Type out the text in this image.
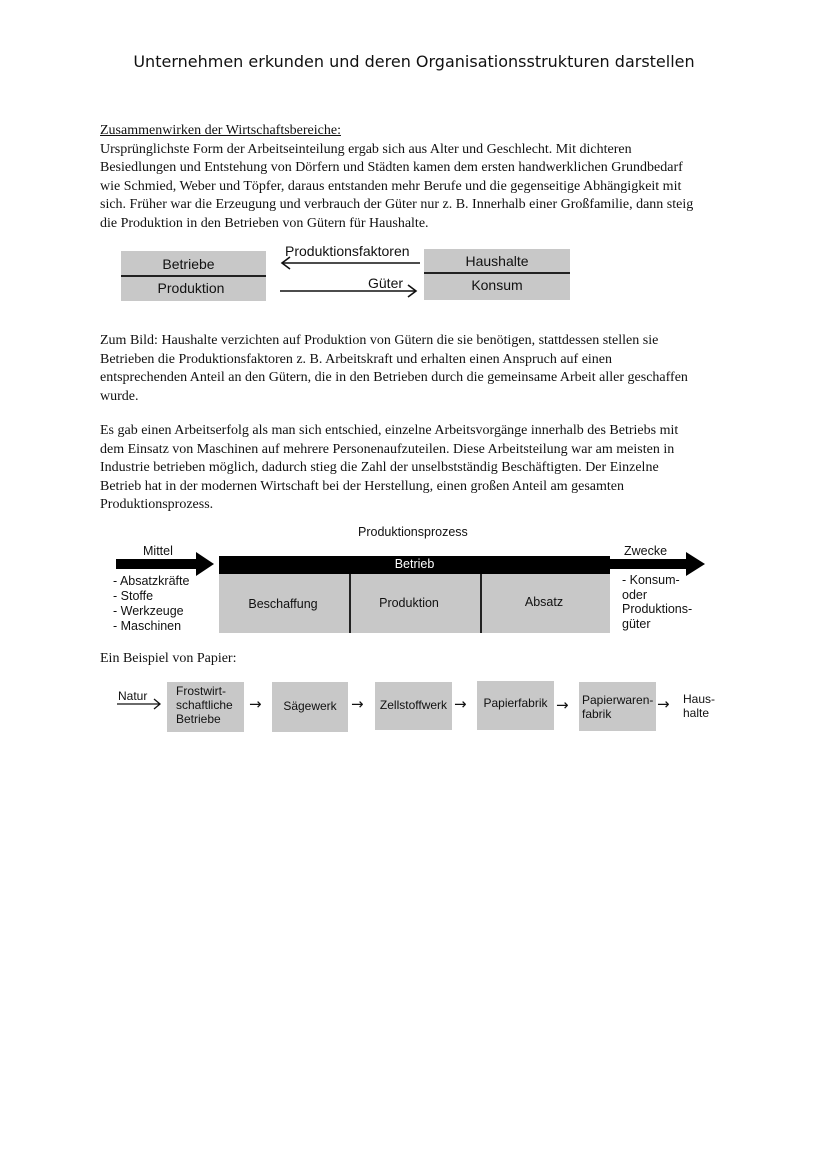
Unternehmen erkunden und deren Organisationsstrukturen darstellen
Zusammenwirken der Wirtschaftsbereiche:
Ursprünglichste Form der Arbeitseinteilung ergab sich aus Alter und Geschlecht. Mit dichteren
Besiedlungen und Entstehung von Dörfern und Städten kamen dem ersten handwerklichen Grundbedarf
wie Schmied, Weber und Töpfer, daraus entstanden mehr Berufe und die gegenseitige Abhängigkeit mit
sich. Früher war die Erzeugung und verbrauch der Güter nur z. B. Innerhalb einer Großfamilie, dann steig
die Produktion in den Betrieben von Gütern für Haushalte.
Betriebe
Produktion
Haushalte
Konsum
Produktionsfaktoren
Güter
Zum Bild: Haushalte verzichten auf Produktion von Gütern die sie benötigen, stattdessen stellen sie
Betrieben die Produktionsfaktoren z. B. Arbeitskraft und erhalten einen Anspruch auf einen
entsprechenden Anteil an den Gütern, die in den Betrieben durch die gemeinsame Arbeit aller geschaffen
wurde.
Es gab einen Arbeitserfolg als man sich entschied, einzelne Arbeitsvorgänge innerhalb des Betriebs mit
dem Einsatz von Maschinen auf mehrere Personenaufzuteilen. Diese Arbeitsteilung war am meisten in
Industrie betrieben möglich, dadurch stieg die Zahl der unselbstständig Beschäftigten. Der Einzelne
Betrieb hat in der modernen Wirtschaft bei der Herstellung, einen großen Anteil am gesamten
Produktionsprozess.
Produktionsprozess
Mittel	Zwecke
Betrieb
Beschaffung	Produktion	Absatz
- Absatzkräfte
- Stoffe
- Werkzeuge
- Maschinen
- Konsum-
oder
Produktions-
güter
Ein Beispiel von Papier:
Natur Frostwirt-
schaftliche
Betriebe
→	Sägewerk →	Zellstoffwerk →	Papierfabrik → Papierwaren-
fabrik
→ Haus-
halte
